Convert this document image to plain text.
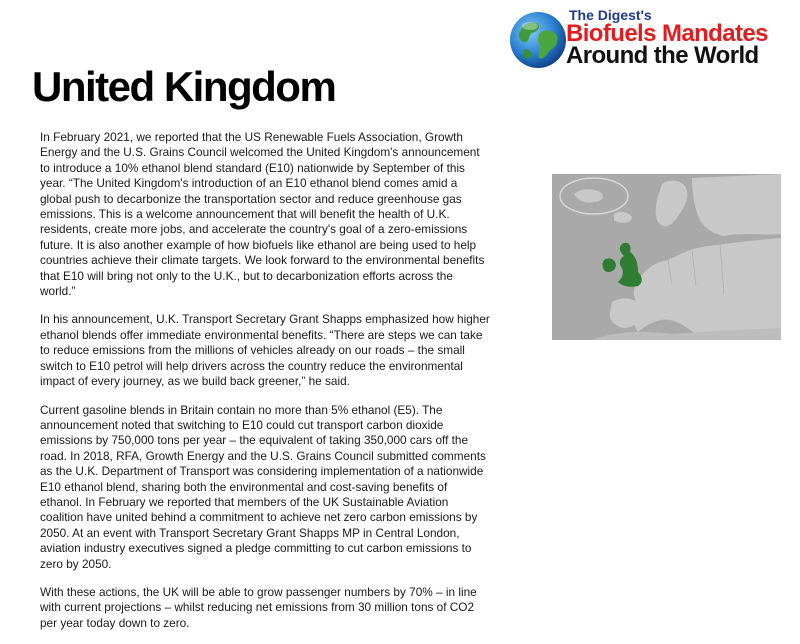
The Digest's
Biofuels Mandates
Around the World
United Kingdom

In February 2021, we reported that the US Renewable Fuels Association, Growth Energy and the U.S. Grains Council welcomed the United Kingdom's announcement to introduce a 10% ethanol blend standard (E10) nationwide by September of this year. “The United Kingdom's introduction of an E10 ethanol blend comes amid a global push to decarbonize the transportation sector and reduce greenhouse gas emissions. This is a welcome announcement that will benefit the health of U.K. residents, create more jobs, and accelerate the country's goal of a zero-emissions future. It is also another example of how biofuels like ethanol are being used to help countries achieve their climate targets. We look forward to the environmental benefits that E10 will bring not only to the U.K., but to decarbonization efforts across the world.”

In his announcement, U.K. Transport Secretary Grant Shapps emphasized how higher ethanol blends offer immediate environmental benefits. “There are steps we can take to reduce emissions from the millions of vehicles already on our roads – the small switch to E10 petrol will help drivers across the country reduce the environmental impact of every journey, as we build back greener,” he said.

Current gasoline blends in Britain contain no more than 5% ethanol (E5). The announcement noted that switching to E10 could cut transport carbon dioxide emissions by 750,000 tons per year – the equivalent of taking 350,000 cars off the road. In 2018, RFA, Growth Energy and the U.S. Grains Council submitted comments as the U.K. Department of Transport was considering implementation of a nationwide E10 ethanol blend, sharing both the environmental and cost-saving benefits of ethanol. In February we reported that members of the UK Sustainable Aviation coalition have united behind a commitment to achieve net zero carbon emissions by 2050. At an event with Transport Secretary Grant Shapps MP in Central London, aviation industry executives signed a pledge committing to cut carbon emissions to zero by 2050.

With these actions, the UK will be able to grow passenger numbers by 70% – in line with current projections – whilst reducing net emissions from 30 million tons of CO2 per year today down to zero.
